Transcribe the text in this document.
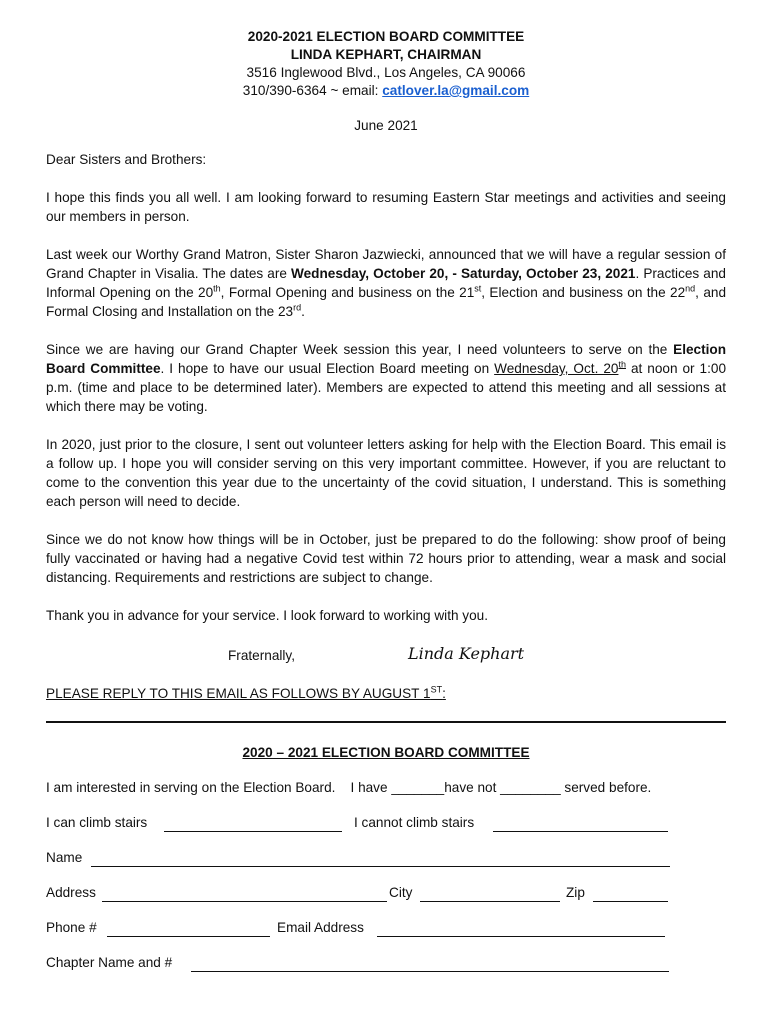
2020-2021 ELECTION BOARD COMMITTEE
LINDA KEPHART, CHAIRMAN
3516 Inglewood Blvd., Los Angeles, CA 90066
310/390-6364 ~ email: catlover.la@gmail.com
June 2021

Dear Sisters and Brothers:

I hope this finds you all well. I am looking forward to resuming Eastern Star meetings and activities and seeing our members in person.

Last week our Worthy Grand Matron, Sister Sharon Jazwiecki, announced that we will have a regular session of Grand Chapter in Visalia. The dates are Wednesday, October 20, - Saturday, October 23, 2021. Practices and Informal Opening on the 20th, Formal Opening and business on the 21st, Election and business on the 22nd, and Formal Closing and Installation on the 23rd.

Since we are having our Grand Chapter Week session this year, I need volunteers to serve on the Election Board Committee. I hope to have our usual Election Board meeting on Wednesday, Oct. 20th at noon or 1:00 p.m. (time and place to be determined later). Members are expected to attend this meeting and all sessions at which there may be voting.

In 2020, just prior to the closure, I sent out volunteer letters asking for help with the Election Board. This email is a follow up. I hope you will consider serving on this very important committee. However, if you are reluctant to come to the convention this year due to the uncertainty of the covid situation, I understand. This is something each person will need to decide.

Since we do not know how things will be in October, just be prepared to do the following: show proof of being fully vaccinated or having had a negative Covid test within 72 hours prior to attending, wear a mask and social distancing. Requirements and restrictions are subject to change.

Thank you in advance for your service. I look forward to working with you.

Fraternally,	Linda Kephart
PLEASE REPLY TO THIS EMAIL AS FOLLOWS BY AUGUST 1ST:
2020 – 2021 ELECTION BOARD COMMITTEE
I am interested in serving on the Election Board.    I have _______have not ________ served before.
I can climb stairs	I cannot climb stairs
Name
Address	City	Zip
Phone #	Email Address
Chapter Name and #
